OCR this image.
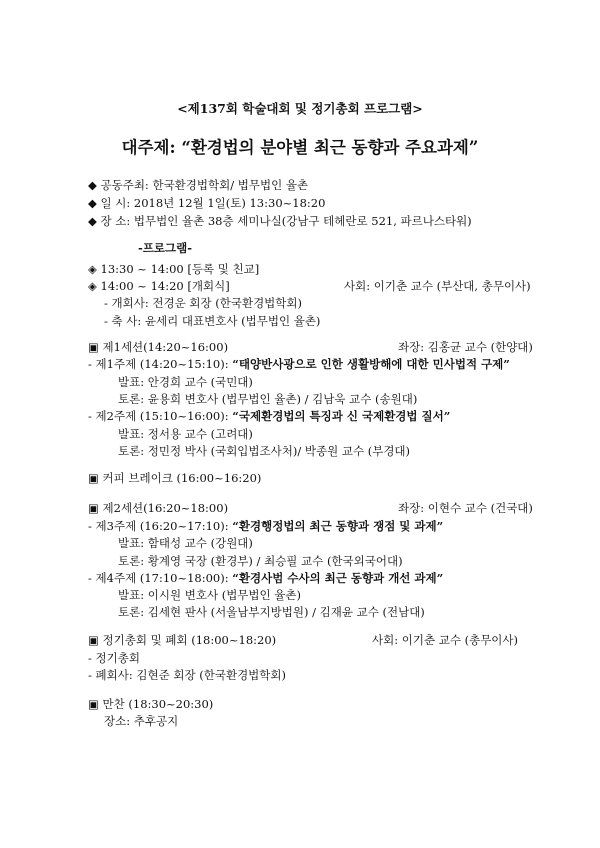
<제137회 학술대회 및 정기총회 프로그램>
대주제: “환경법의 분야별 최근 동향과 주요과제”
◆ 공동주최: 한국환경법학회/ 법무법인 율촌
◆ 일 시: 2018년 12월 1일(토) 13:30~18:20
◆ 장 소: 법무법인 율촌 38층 세미나실(강남구 테헤란로 521, 파르나스타워)
-프로그램-
◈ 13:30 ~ 14:00 [등록 및 친교]
◈ 14:00 ~ 14:20 [개회식]	사회: 이기춘 교수 (부산대, 총무이사)
- 개회사: 전경운 회장 (한국환경법학회)
- 축 사: 윤세리 대표변호사 (법무법인 율촌)
▣ 제1세션(14:20~16:00)	좌장: 김홍균 교수 (한양대)
- 제1주제 (14:20~15:10): “태양반사광으로 인한 생활방해에 대한 민사법적 구제”
발표: 안경희 교수 (국민대)
토론: 윤용희 변호사 (법무법인 율촌) / 김남욱 교수 (송원대)
- 제2주제 (15:10~16:00): “국제환경법의 특징과 신 국제환경법 질서”
발표: 정서용 교수 (고려대)
토론: 정민정 박사 (국회입법조사처)/ 박종원 교수 (부경대)
▣ 커피 브레이크 (16:00~16:20)
▣ 제2세션(16:20~18:00)	좌장: 이현수 교수 (건국대)
- 제3주제 (16:20~17:10): “환경행정법의 최근 동향과 쟁점 및 과제”
발표: 함태성 교수 (강원대)
토론: 황계영 국장 (환경부) / 최승필 교수 (한국외국어대)
- 제4주제 (17:10~18:00): “환경사범 수사의 최근 동향과 개선 과제”
발표: 이시원 변호사 (법무법인 율촌)
토론: 김세현 판사 (서울남부지방법원) / 김재윤 교수 (전남대)
▣ 정기총회 및 폐회 (18:00~18:20)	사회: 이기춘 교수 (총무이사)
- 정기총회
- 폐회사: 김현준 회장 (한국환경법학회)
▣ 만찬 (18:30~20:30)
장소: 추후공지
